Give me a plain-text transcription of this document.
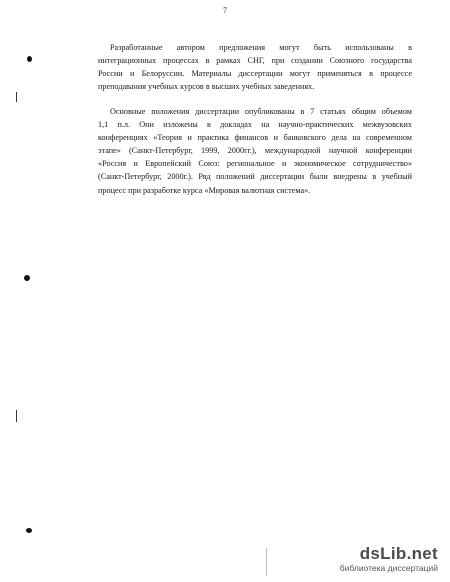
7
Разработанные автором предложения могут быть использованы в
интеграционных процессах в рамках СНГ, при создании Союзного государства
России и Белоруссии. Материалы диссертации могут применяться в процессе
преподавания учебных курсов в высших учебных заведениях.
Основные положения диссертации опубликованы в 7 статьях общим объемом
1,1 п.л. Они изложены в докладах на научно-практических межвузовских
конференциях «Теория и практика финансов и банковского дела на современном
этапе» (Санкт-Петербург, 1999, 2000гг.), международной научной конференции
«Россия и Европейский Союз: региональное и экономическое сотрудничество»
(Санкт-Петербург, 2000г.). Ряд положений диссертации были внедрены в учебный
процесс при разработке курса «Мировая валютная система».
dsLib.net
библиотека диссертаций
